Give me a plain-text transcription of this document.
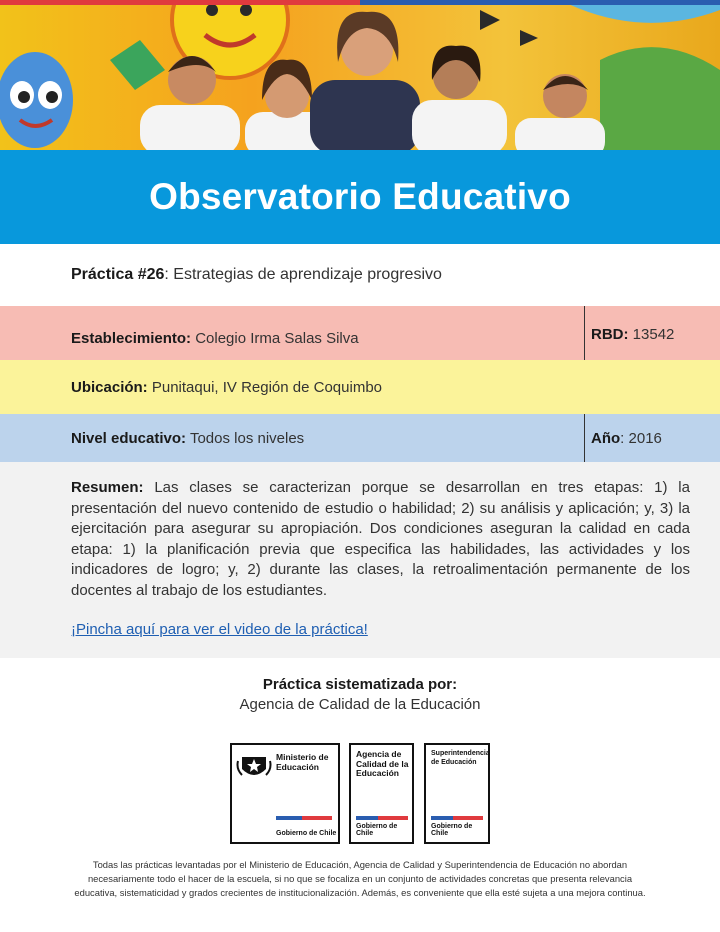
Observatorio Educativo
Práctica #26: Estrategias de aprendizaje progresivo
Establecimiento: Colegio Irma Salas Silva	RBD:
13542
Ubicación: Punitaqui, IV Región de Coquimbo
Nivel educativo: Todos los niveles	Año : 2016

Resumen: Las clases se caracterizan porque se desarrollan en tres etapas: 1) la presentación del nuevo contenido de estudio o habilidad; 2) su análisis y aplicación; y, 3) la ejercitación para asegurar su apropiación. Dos condiciones aseguran la calidad en cada etapa: 1) la planificación previa que especifica las habilidades, las actividades y los indicadores de logro; y, 2) durante las clases, la retroalimentación permanente de los docentes al trabajo de los estudiantes.

¡Pincha aquí para ver el video de la práctica!
Práctica sistematizada por:
Agencia de Calidad de la Educación
Ministerio de
Educación
Gobierno de Chile
Agencia de
Calidad de la
Educación
Gobierno de Chile
Superintendencia
de Educación
Gobierno de Chile
Todas las prácticas levantadas por el Ministerio de Educación, Agencia de Calidad y Superintendencia de Educación no abordan
necesariamente todo el hacer de la escuela, si no que se focaliza en un conjunto de actividades concretas que presenta relevancia
educativa, sistematicidad y grados crecientes de institucionalización. Además, es conveniente que ella esté sujeta a una mejora continua.
